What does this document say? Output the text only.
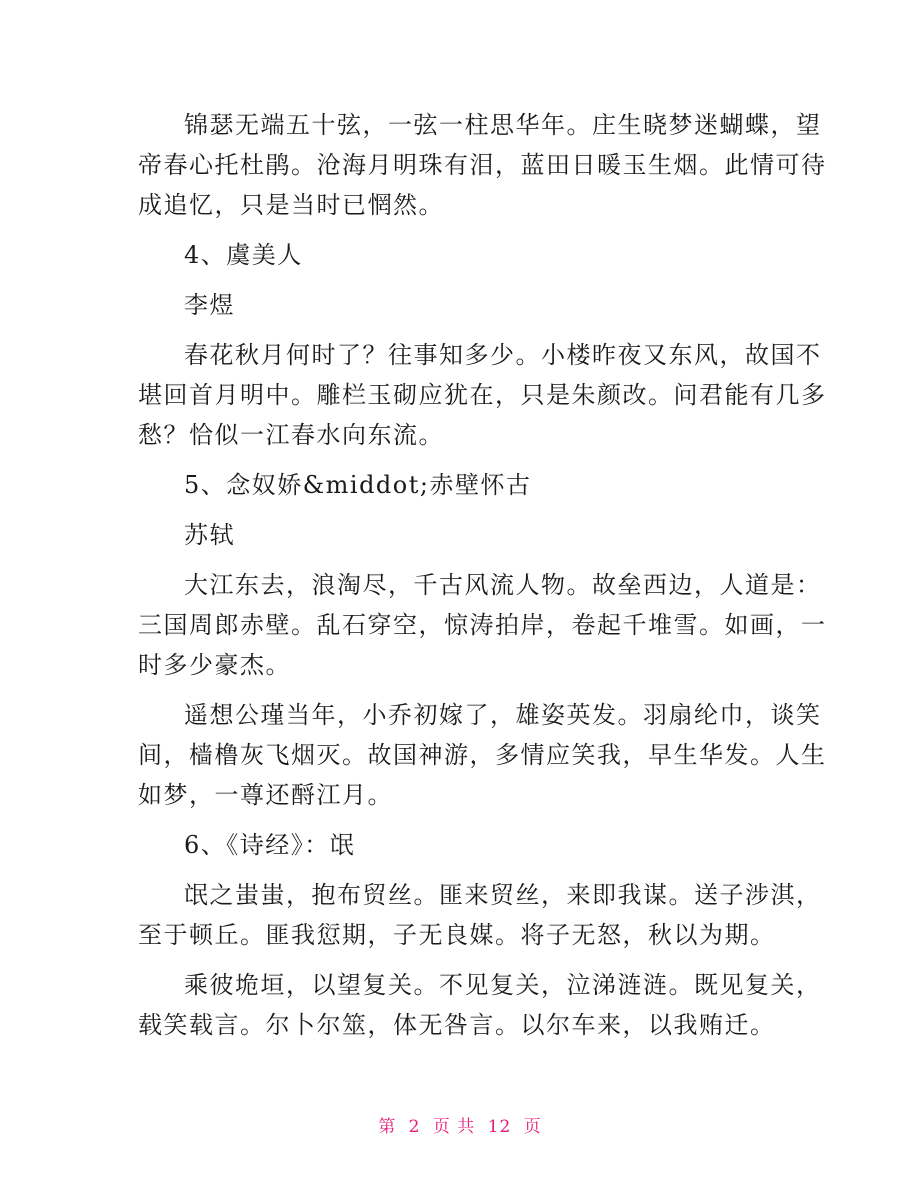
锦瑟无端五十弦，一弦一柱思华年。庄生晓梦迷蝴蝶，望
帝春心托杜鹃。沧海月明珠有泪，蓝田日暖玉生烟。此情可待
成追忆，只是当时已惘然。
4、虞美人
李煜
春花秋月何时了？往事知多少。小楼昨夜又东风，故国不
堪回首月明中。雕栏玉砌应犹在，只是朱颜改。问君能有几多
愁？恰似一江春水向东流。
5、念奴娇&middot;赤壁怀古
苏轼
大江东去，浪淘尽，千古风流人物。故垒西边，人道是：
三国周郎赤壁。乱石穿空，惊涛拍岸，卷起千堆雪。如画，一
时多少豪杰。
遥想公瑾当年，小乔初嫁了，雄姿英发。羽扇纶巾，谈笑
间，樯橹灰飞烟灭。故国神游，多情应笑我，早生华发。人生
如梦，一尊还酹江月。
6、《诗经》：氓
氓之蚩蚩，抱布贸丝。匪来贸丝，来即我谋。送子涉淇，
至于顿丘。匪我愆期，子无良媒。将子无怒，秋以为期。
乘彼垝垣，以望复关。不见复关，泣涕涟涟。既见复关，
载笑载言。尔卜尔筮，体无咎言。以尔车来，以我贿迁。
第 2 页 共 12 页
